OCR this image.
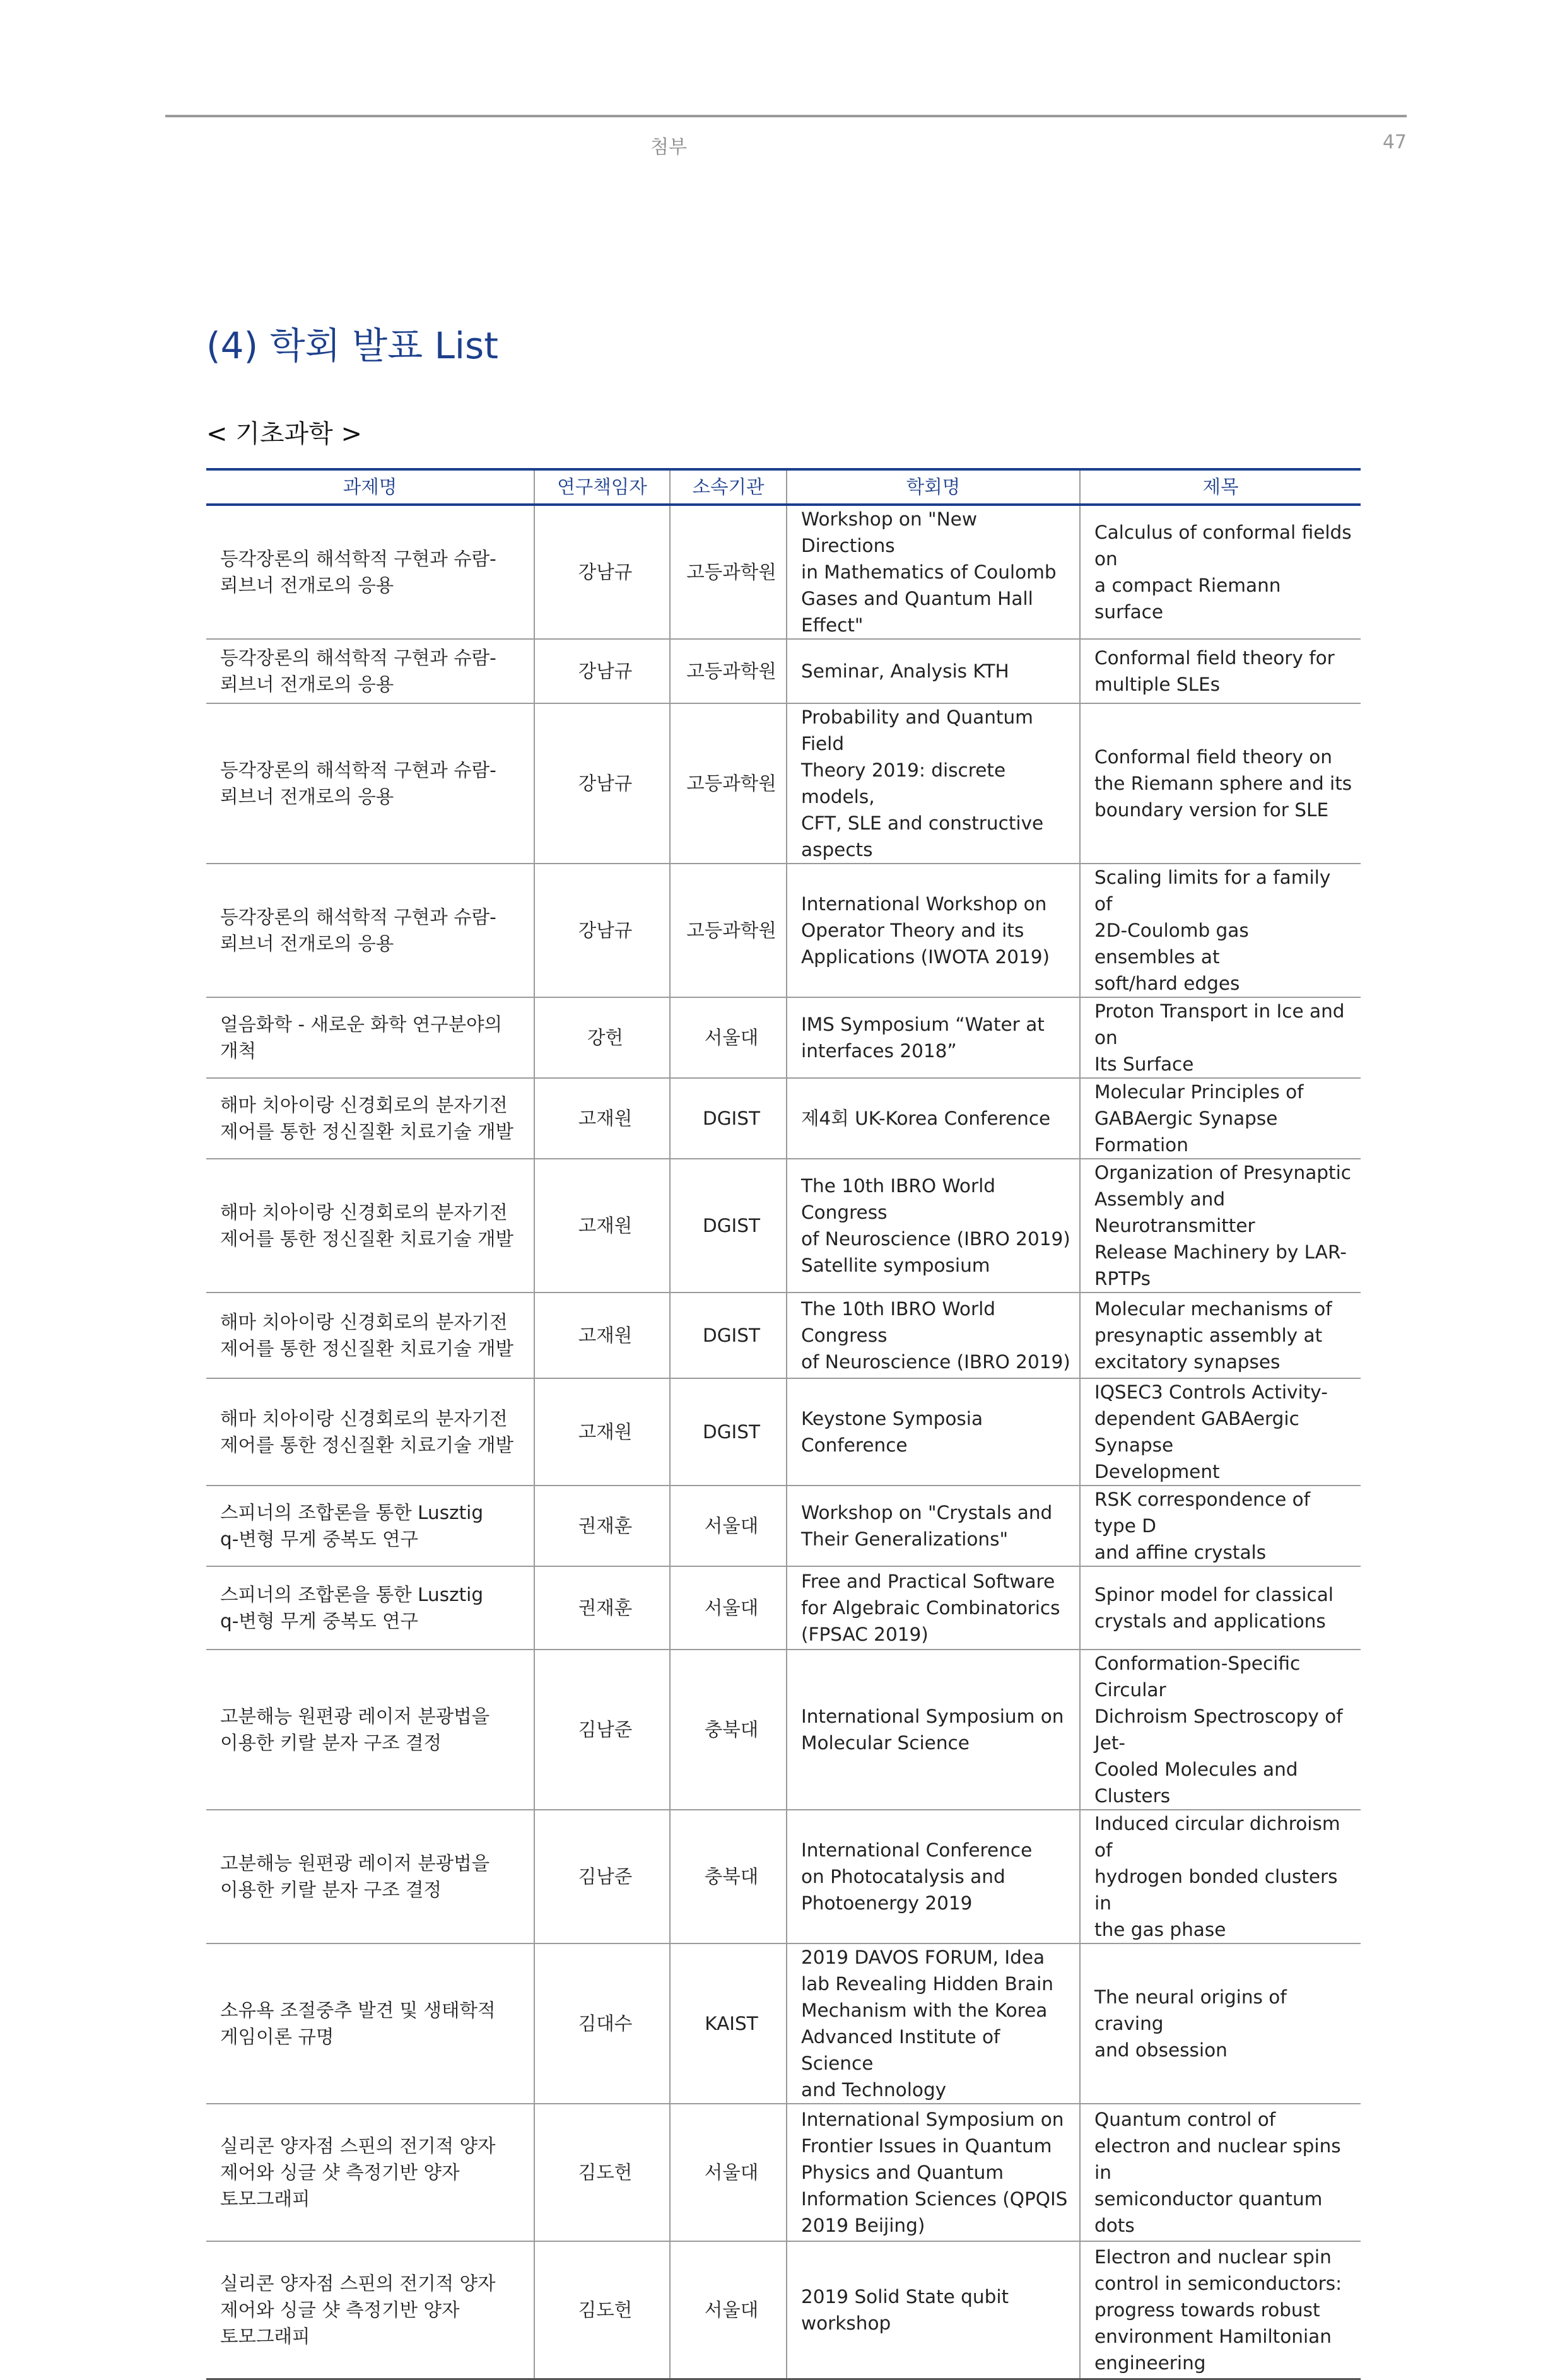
첨부	47
(4) 학회 발표 List
< 기초과학 >
과제명	연구책임자	소속기관	학회명	제목

등각장론의 해석학적 구현과 슈람-
뢰브너 전개로의 응용	강남규	고등과학원	Workshop on "New Directions
in Mathematics of Coulomb
Gases and Quantum Hall Effect"	Calculus of conformal fields on
a compact Riemann surface

등각장론의 해석학적 구현과 슈람-
뢰브너 전개로의 응용	강남규	고등과학원	Seminar, Analysis KTH	Conformal field theory for
multiple SLEs

등각장론의 해석학적 구현과 슈람-
뢰브너 전개로의 응용	강남규	고등과학원	Probability and Quantum Field
Theory 2019: discrete models,
CFT, SLE and constructive
aspects	Conformal field theory on
the Riemann sphere and its
boundary version for SLE

등각장론의 해석학적 구현과 슈람-
뢰브너 전개로의 응용	강남규	고등과학원	International Workshop on
Operator Theory and its
Applications (IWOTA 2019)	Scaling limits for a family of
2D-Coulomb gas ensembles at
soft/hard edges

얼음화학 - 새로운 화학 연구분야의
개척	강헌	서울대	IMS Symposium “Water at
interfaces 2018”	Proton Transport in Ice and on
Its Surface

해마 치아이랑 신경회로의 분자기전
제어를 통한 정신질환 치료기술 개발	고재원	DGIST	제4회 UK-Korea Conference	Molecular Principles of
GABAergic Synapse Formation

해마 치아이랑 신경회로의 분자기전
제어를 통한 정신질환 치료기술 개발	고재원	DGIST	The 10th IBRO World Congress
of Neuroscience (IBRO 2019)
Satellite symposium	Organization of Presynaptic
Assembly and Neurotransmitter
Release Machinery by LAR-
RPTPs

해마 치아이랑 신경회로의 분자기전
제어를 통한 정신질환 치료기술 개발	고재원	DGIST	The 10th IBRO World Congress
of Neuroscience (IBRO 2019)	Molecular mechanisms of
presynaptic assembly at
excitatory synapses

해마 치아이랑 신경회로의 분자기전
제어를 통한 정신질환 치료기술 개발	고재원	DGIST	Keystone Symposia Conference	IQSEC3 Controls Activity-
dependent GABAergic Synapse
Development

스피너의 조합론을 통한 Lusztig
q-변형 무게 중복도 연구	권재훈	서울대	Workshop on "Crystals and
Their Generalizations"	RSK correspondence of type D
and affine crystals

스피너의 조합론을 통한 Lusztig
q-변형 무게 중복도 연구	권재훈	서울대	Free and Practical Software
for Algebraic Combinatorics
(FPSAC 2019)	Spinor model for classical
crystals and applications

고분해능 원편광 레이저 분광법을
이용한 키랄 분자 구조 결정	김남준	충북대	International Symposium on
Molecular Science	Conformation-Specific Circular
Dichroism Spectroscopy of Jet-
Cooled Molecules and Clusters

고분해능 원편광 레이저 분광법을
이용한 키랄 분자 구조 결정	김남준	충북대	International Conference
on Photocatalysis and
Photoenergy 2019	Induced circular dichroism of
hydrogen bonded clusters in
the gas phase

소유욕 조절중추 발견 및 생태학적
게임이론 규명	김대수	KAIST	2019 DAVOS FORUM, Idea
lab Revealing Hidden Brain
Mechanism with the Korea
Advanced Institute of Science
and Technology	The neural origins of craving
and obsession

실리콘 양자점 스핀의 전기적 양자
제어와 싱글 샷 측정기반 양자
토모그래피	김도헌	서울대	International Symposium on
Frontier Issues in Quantum
Physics and Quantum
Information Sciences (QPQIS
2019 Beijing)	Quantum control of
electron and nuclear spins in
semiconductor quantum dots

실리콘 양자점 스핀의 전기적 양자
제어와 싱글 샷 측정기반 양자
토모그래피	김도헌	서울대	2019 Solid State qubit
workshop	Electron and nuclear spin
control in semiconductors:
progress towards robust
environment Hamiltonian
engineering
